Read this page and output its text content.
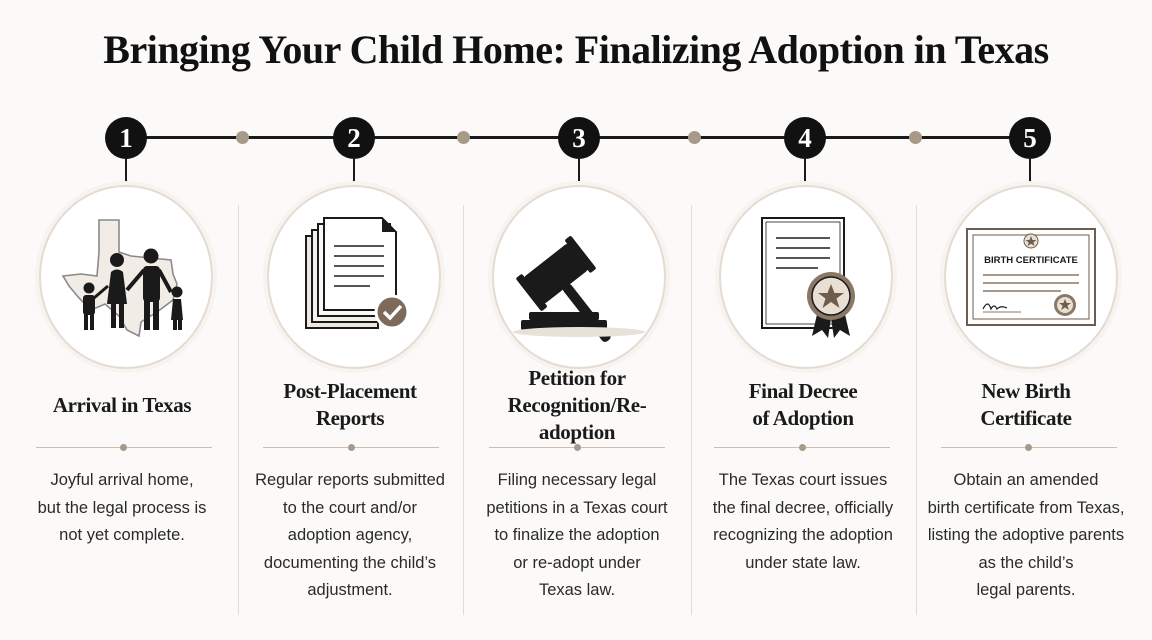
Bringing Your Child Home: Finalizing Adoption in Texas
1
Arrival in Texas
Joyful arrival home,
but the legal process is
not yet complete.
2
Post-Placement
Reports
Regular reports submitted
to the court and/or
adoption agency,
documenting the child’s
adjustment.
3
Petition for
Recognition/Re-adoption
Filing necessary legal
petitions in a Texas court
to finalize the adoption
or re-adopt under
Texas law.
4
Final Decree
of Adoption
The Texas court issues
the final decree, officially
recognizing the adoption
under state law.
5
BIRTH CERTIFICATE
New Birth
Certificate
Obtain an amended
birth certificate from Texas,
listing the adoptive parents
as the child’s
legal parents.
